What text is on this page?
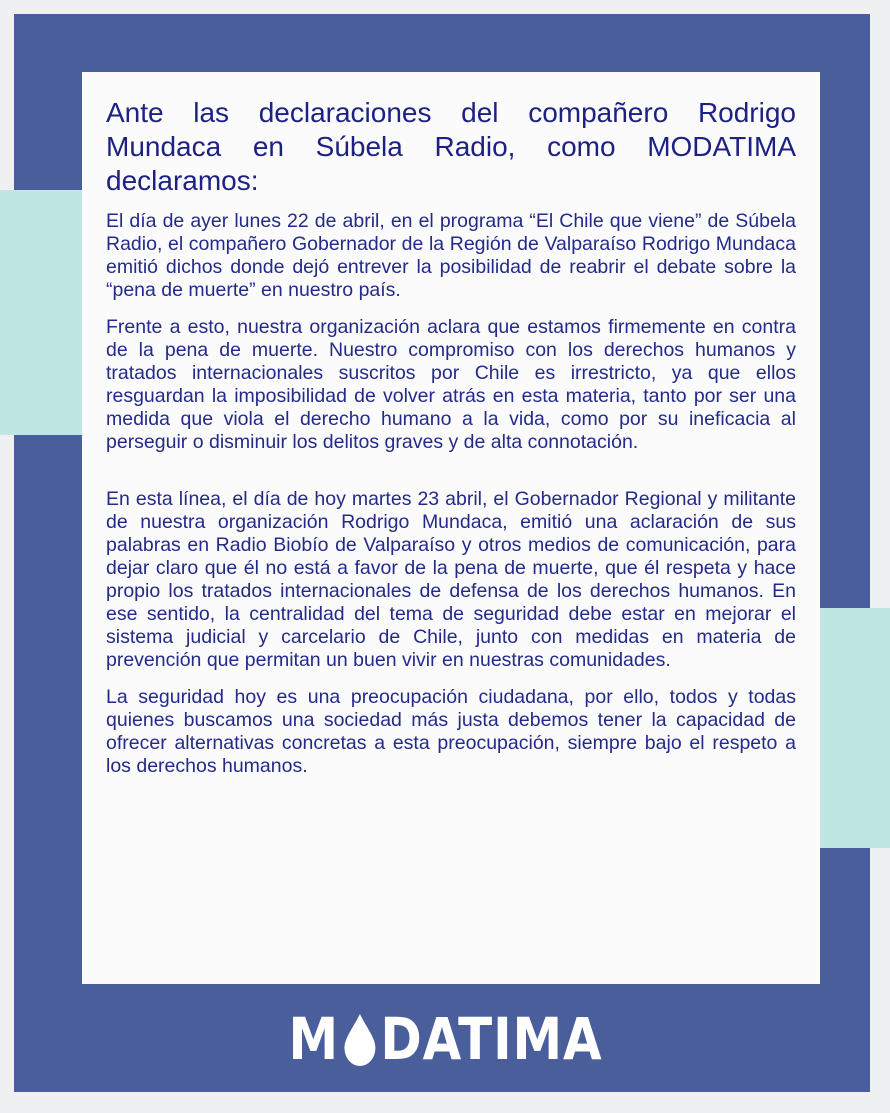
Ante las declaraciones del compañero Rodrigo Mundaca en Súbela Radio, como MODATIMA declaramos:

El día de ayer lunes 22 de abril, en el programa “El Chile que viene” de Súbela Radio, el compañero Gobernador de la Región de Valparaíso Rodrigo Mundaca emitió dichos donde dejó entrever la posibilidad de reabrir el debate sobre la “pena de muerte” en nuestro país.

Frente a esto, nuestra organización aclara que estamos firmemente en contra de la pena de muerte. Nuestro compromiso con los derechos humanos y tratados internacionales suscritos por Chile es irrestricto, ya que ellos resguardan la imposibilidad de volver atrás en esta materia, tanto por ser una medida que viola el derecho humano a la vida, como por su ineficacia al perseguir o disminuir los delitos graves y de alta connotación.

En esta línea, el día de hoy martes 23 abril, el Gobernador Regional y militante de nuestra organización Rodrigo Mundaca, emitió una aclaración de sus palabras en Radio Biobío de Valparaíso y otros medios de comunicación, para dejar claro que él no está a favor de la pena de muerte, que él respeta y hace propio los tratados internacionales de defensa de los derechos humanos. En ese sentido, la centralidad del tema de seguridad debe estar en mejorar el sistema judicial y carcelario de Chile, junto con medidas en materia de prevención que permitan un buen vivir en nuestras comunidades.

La seguridad hoy es una preocupación ciudadana, por ello, todos y todas quienes buscamos una sociedad más justa debemos tener la capacidad de ofrecer alternativas concretas a esta preocupación, siempre bajo el respeto a los derechos humanos.

M DATIMA
